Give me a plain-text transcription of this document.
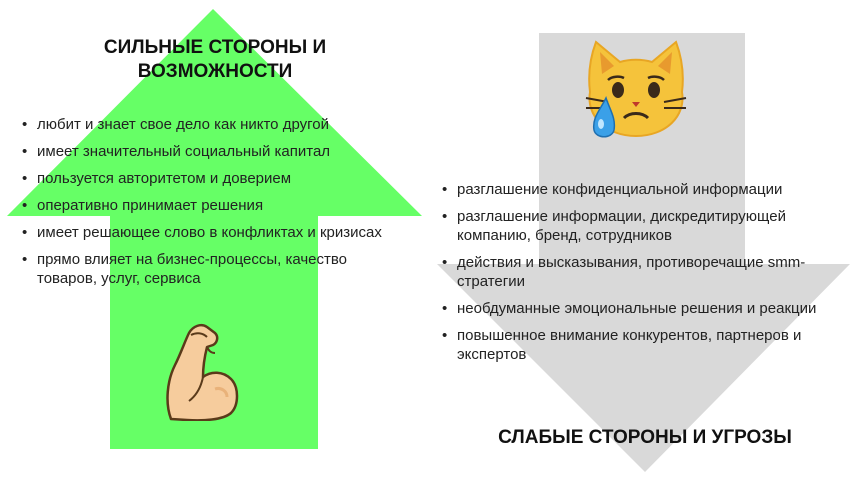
СИЛЬНЫЕ СТОРОНЫ И
ВОЗМОЖНОСТИ
• любит и знает свое дело как никто другой
• имеет значительный социальный капитал
• пользуется авторитетом и доверием
• оперативно принимает решения
• имеет решающее слово в конфликтах и кризисах
• прямо влияет на бизнес-процессы, качество товаров, услуг, сервиса
• разглашение конфиденциальной информации
• разглашение информации, дискредитирующей компанию, бренд, сотрудников
• действия и высказывания, противоречащие smm-стратегии
• необдуманные эмоциональные решения и реакции
• повышенное внимание конкурентов, партнеров и экспертов
СЛАБЫЕ СТОРОНЫ И УГРОЗЫ
